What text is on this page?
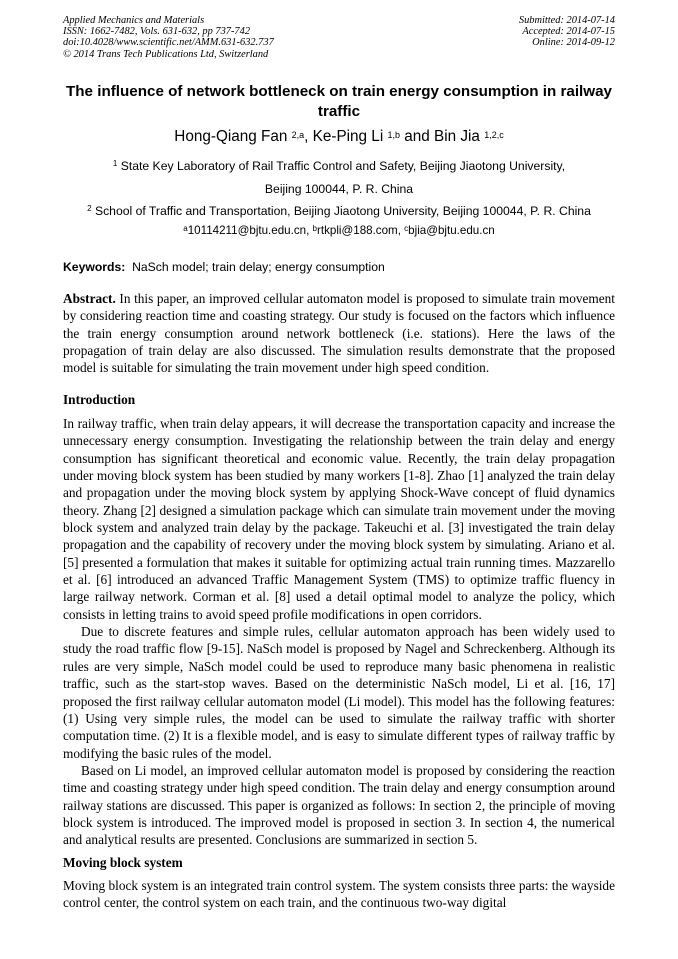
Applied Mechanics and Materials
ISSN: 1662-7482, Vols. 631-632, pp 737-742
doi:10.4028/www.scientific.net/AMM.631-632.737
© 2014 Trans Tech Publications Ltd, Switzerland
Submitted: 2014-07-14
Accepted: 2014-07-15
Online: 2014-09-12
The influence of network bottleneck on train energy consumption in railway traffic
Hong-Qiang Fan $^{2,a}$, Ke-Ping Li $^{1,b}$ and Bin Jia $^{1,2,c}$
$^1$ State Key Laboratory of Rail Traffic Control and Safety, Beijing Jiaotong University,
Beijing 100044, P. R. China
$^2$ School of Traffic and Transportation, Beijing Jiaotong University, Beijing 100044, P. R. China
$^a$10114211@bjtu.edu.cn, $^b$rtkpli@188.com, $^c$bjia@bjtu.edu.cn
Keywords: NaSch model; train delay; energy consumption

Abstract. In this paper, an improved cellular automaton model is proposed to simulate train movement by considering reaction time and coasting strategy. Our study is focused on the factors which influence the train energy consumption around network bottleneck (i.e. stations). Here the laws of the propagation of train delay are also discussed. The simulation results demonstrate that the proposed model is suitable for simulating the train movement under high speed condition.

Introduction

In railway traffic, when train delay appears, it will decrease the transportation capacity and increase the unnecessary energy consumption. Investigating the relationship between the train delay and energy consumption has significant theoretical and economic value. Recently, the train delay propagation under moving block system has been studied by many workers [1-8]. Zhao [1] analyzed the train delay and propagation under the moving block system by applying Shock-Wave concept of fluid dynamics theory. Zhang [2] designed a simulation package which can simulate train movement under the moving block system and analyzed train delay by the package. Takeuchi et al. [3] investigated the train delay propagation and the capability of recovery under the moving block system by simulating. Ariano et al. [5] presented a formulation that makes it suitable for optimizing actual train running times. Mazzarello et al. [6] introduced an advanced Traffic Management System (TMS) to optimize traffic fluency in large railway network. Corman et al. [8] used a detail optimal model to analyze the policy, which consists in letting trains to avoid speed profile modifications in open corridors.

Due to discrete features and simple rules, cellular automaton approach has been widely used to study the road traffic flow [9-15]. NaSch model is proposed by Nagel and Schreckenberg. Although its rules are very simple, NaSch model could be used to reproduce many basic phenomena in realistic traffic, such as the start-stop waves. Based on the deterministic NaSch model, Li et al. [16, 17] proposed the first railway cellular automaton model (Li model). This model has the following features: (1) Using very simple rules, the model can be used to simulate the railway traffic with shorter computation time. (2) It is a flexible model, and is easy to simulate different types of railway traffic by modifying the basic rules of the model.

Based on Li model, an improved cellular automaton model is proposed by considering the reaction time and coasting strategy under high speed condition. The train delay and energy consumption around railway stations are discussed. This paper is organized as follows: In section 2, the principle of moving block system is introduced. The improved model is proposed in section 3. In section 4, the numerical and analytical results are presented. Conclusions are summarized in section 5.

Moving block system

Moving block system is an integrated train control system. The system consists three parts: the wayside control center, the control system on each train, and the continuous two-way digital
